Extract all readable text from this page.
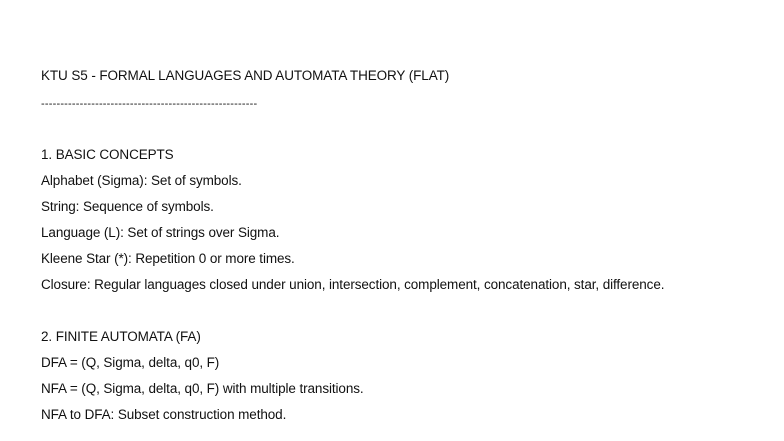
KTU S5 - FORMAL LANGUAGES AND AUTOMATA THEORY (FLAT)
--------------------------------------------------------
1. BASIC CONCEPTS
Alphabet (Sigma): Set of symbols.
String: Sequence of symbols.
Language (L): Set of strings over Sigma.
Kleene Star (*): Repetition 0 or more times.
Closure: Regular languages closed under union, intersection, complement, concatenation, star, difference.
2. FINITE AUTOMATA (FA)
DFA = (Q, Sigma, delta, q0, F)
NFA = (Q, Sigma, delta, q0, F) with multiple transitions.
NFA to DFA: Subset construction method.
